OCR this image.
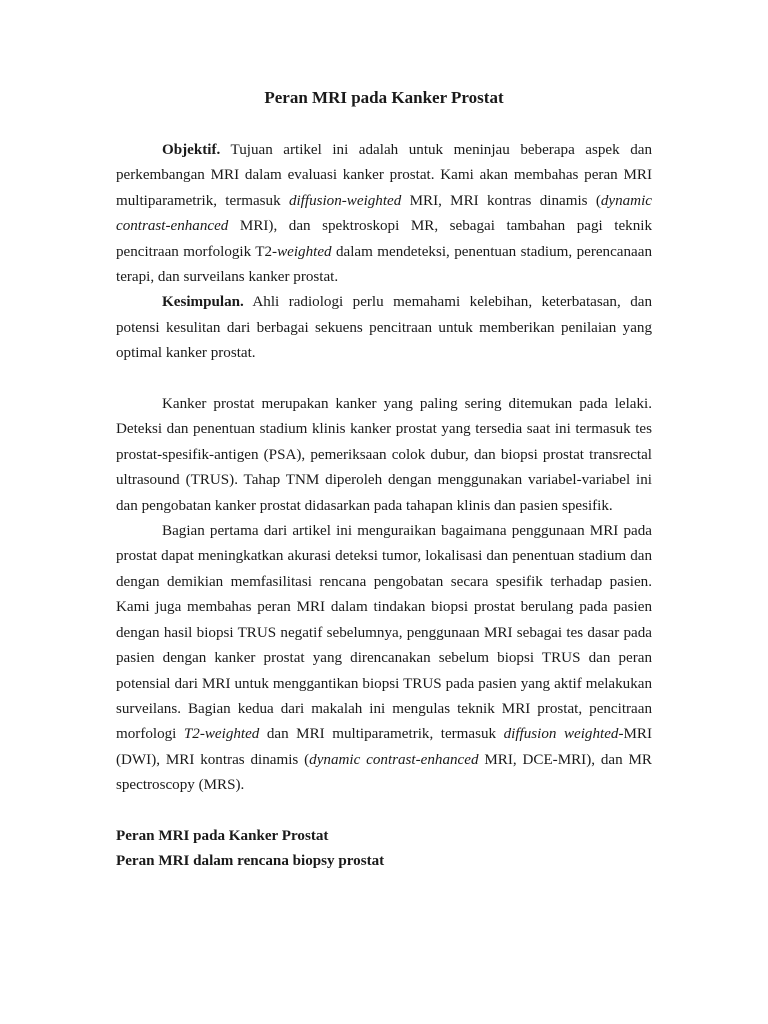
Peran MRI pada Kanker Prostat

Objektif. Tujuan artikel ini adalah untuk meninjau beberapa aspek dan perkembangan MRI dalam evaluasi kanker prostat. Kami akan membahas peran MRI multiparametrik, termasuk diffusion-weighted MRI, MRI kontras dinamis (dynamic contrast-enhanced MRI), dan spektroskopi MR, sebagai tambahan pagi teknik pencitraan morfologik T2-weighted dalam mendeteksi, penentuan stadium, perencanaan terapi, dan surveilans kanker prostat.

Kesimpulan. Ahli radiologi perlu memahami kelebihan, keterbatasan, dan potensi kesulitan dari berbagai sekuens pencitraan untuk memberikan penilaian yang optimal kanker prostat.

Kanker prostat merupakan kanker yang paling sering ditemukan pada lelaki. Deteksi dan penentuan stadium klinis kanker prostat yang tersedia saat ini termasuk tes prostat-spesifik-antigen (PSA), pemeriksaan colok dubur, dan biopsi prostat transrectal ultrasound (TRUS). Tahap TNM diperoleh dengan menggunakan variabel-variabel ini dan pengobatan kanker prostat didasarkan pada tahapan klinis dan pasien spesifik.

Bagian pertama dari artikel ini menguraikan bagaimana penggunaan MRI pada prostat dapat meningkatkan akurasi deteksi tumor, lokalisasi dan penentuan stadium dan dengan demikian memfasilitasi rencana pengobatan secara spesifik terhadap pasien. Kami juga membahas peran MRI dalam tindakan biopsi prostat berulang pada pasien dengan hasil biopsi TRUS negatif sebelumnya, penggunaan MRI sebagai tes dasar pada pasien dengan kanker prostat yang direncanakan sebelum biopsi TRUS dan peran potensial dari MRI untuk menggantikan biopsi TRUS pada pasien yang aktif melakukan surveilans. Bagian kedua dari makalah ini mengulas teknik MRI prostat, pencitraan morfologi T2-weighted dan MRI multiparametrik, termasuk diffusion weighted-MRI (DWI), MRI kontras dinamis (dynamic contrast-enhanced MRI, DCE-MRI), dan MR spectroscopy (MRS).

Peran MRI pada Kanker Prostat

Peran MRI dalam rencana biopsy prostat
